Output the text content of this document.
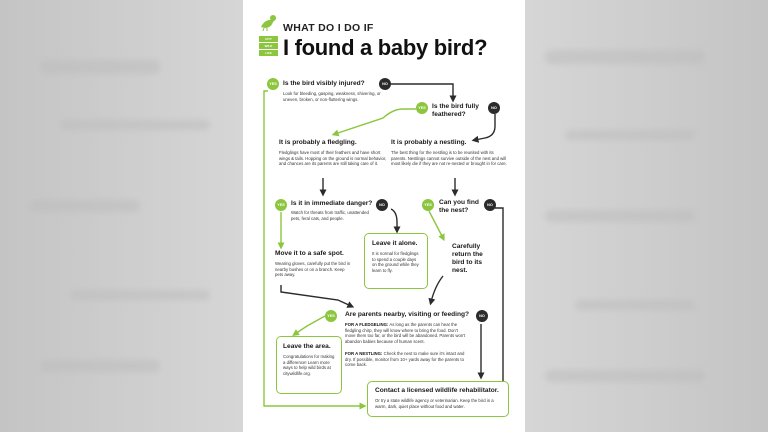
CITY
WILD
LIFE
WHAT DO I DO IF
I found a baby bird?
YES Is the bird visibly injured?	NO
Look for bleeding, gasping, weakness, shivering, or uneven, broken, or non-fluttering wings.
YES Is the bird fully feathered?
NO
It is probably a fledgling.
Fledglings have most of their feathers and have short wings & tails. Hopping on the ground is normal behavior, and chances are its parents are still taking care of it.
It is probably a nestling.
The best thing for the nestling is to be reunited with its parents. Nestlings cannot survive outside of the nest and will most likely die if they are not re-nested or brought in for care.
YES Is it in immediate danger?	NO
Watch for threats from traffic, unattended pets, feral cats, and people.
YES	Can you find the nest?
NO
Leave it alone.
It is normal for fledglings to spend a couple days on the ground while they learn to fly.
Carefully return the bird to its nest.
Move it to a safe spot.
Wearing gloves, carefully put the bird in nearby bushes or on a branch. Keep pets away.
YES	Are parents nearby, visiting or feeding?	NO
FOR A FLEDGELING: As long as the parents can hear the fledgling chirp, they will know where to bring the food. Don't move them too far, or the bird will be abandoned. Parents won't abandon babies because of human scent.
FOR A NESTLING: Check the nest to make sure it's intact and dry. If possible, monitor from 10+ yards away for the parents to come back.
Leave the area.
Congratulations for making a difference! Learn more ways to help wild birds at citywildlife.org.
Contact a licensed wildlife rehabilitator.
Or try a state wildlife agency or veterinarian. Keep the bird in a warm, dark, quiet place without food and water.
